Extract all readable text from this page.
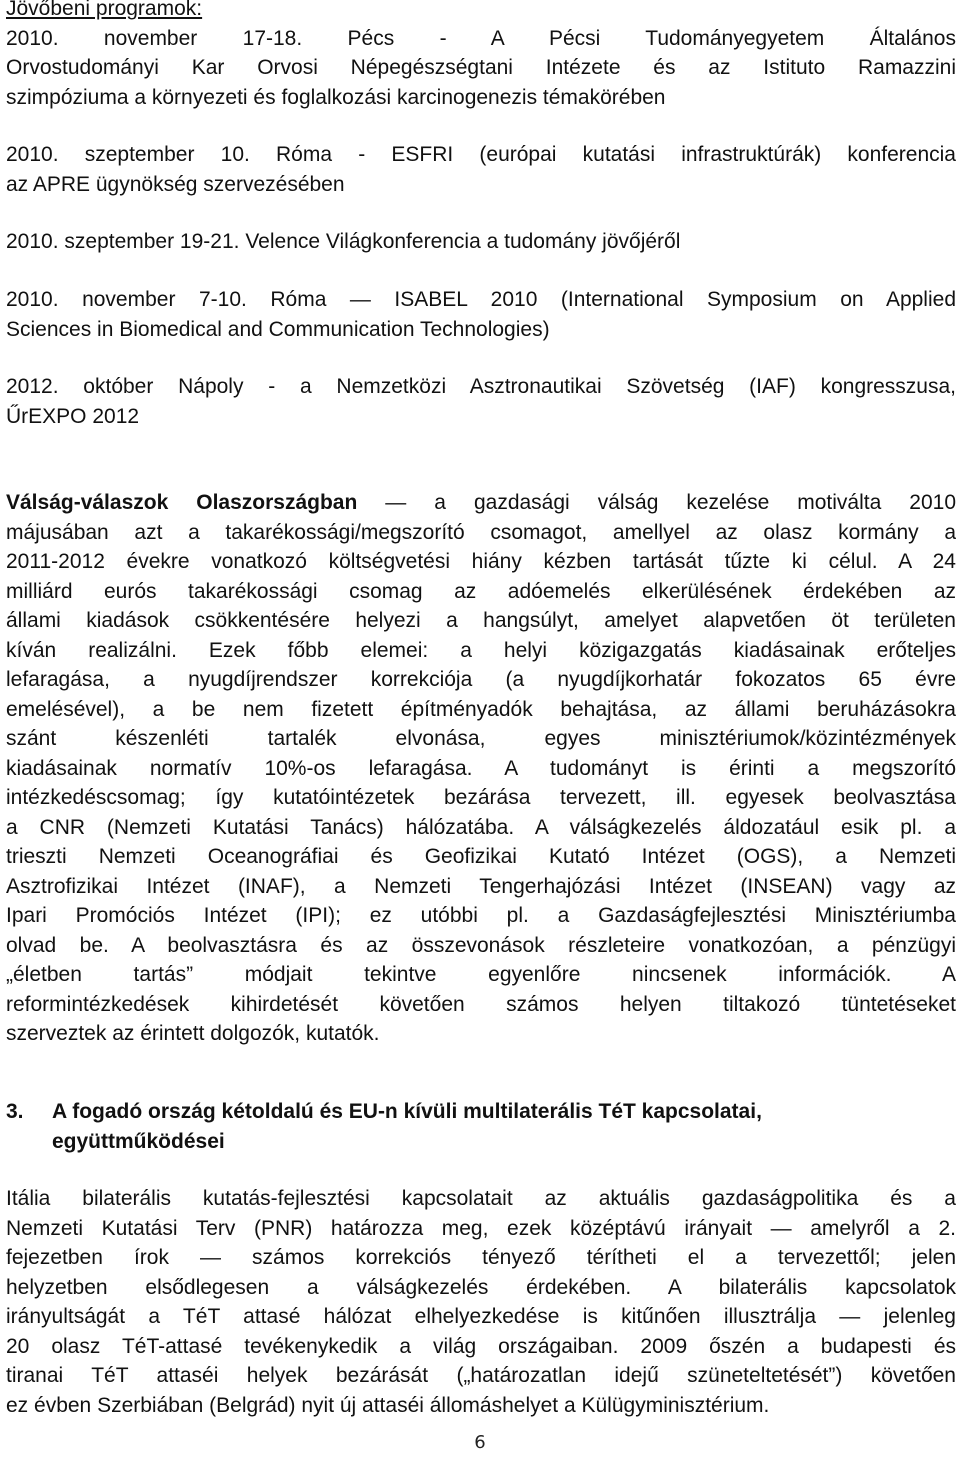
Jövőbeni programok:

2010. november 17-18. Pécs - A Pécsi Tudományegyetem Általános

Orvostudományi Kar Orvosi Népegészségtani Intézete és az Istituto Ramazzini

szimpóziuma a környezeti és foglalkozási karcinogenezis témakörében

2010. szeptember 10. Róma - ESFRI (európai kutatási infrastruktúrák) konferencia

az APRE ügynökség szervezésében

2010. szeptember 19-21. Velence Világkonferencia a tudomány jövőjéről

2010. november 7-10. Róma ― ISABEL 2010 (International Symposium on Applied

Sciences in Biomedical and Communication Technologies)

2012. október Nápoly - a Nemzetközi Asztronautikai Szövetség (IAF) kongresszusa,

ŰrEXPO 2012

Válság-válaszok Olaszországban ― a gazdasági válság kezelése motiválta 2010

májusában azt a takarékossági/megszorító csomagot, amellyel az olasz kormány a

2011-2012 évekre vonatkozó költségvetési hiány kézben tartását tűzte ki célul. A 24

milliárd eurós takarékossági csomag az adóemelés elkerülésének érdekében az

állami kiadások csökkentésére helyezi a hangsúlyt, amelyet alapvetően öt területen

kíván realizálni. Ezek főbb elemei: a helyi közigazgatás kiadásainak erőteljes

lefaragása, a nyugdíjrendszer korrekciója (a nyugdíjkorhatár fokozatos 65 évre

emelésével), a be nem fizetett építményadók behajtása, az állami beruházásokra

szánt készenléti tartalék elvonása, egyes minisztériumok/közintézmények

kiadásainak normatív 10%-os lefaragása. A tudományt is érinti a megszorító

intézkedéscsomag; így kutatóintézetek bezárása tervezett, ill. egyesek beolvasztása

a CNR (Nemzeti Kutatási Tanács) hálózatába. A válságkezelés áldozatául esik pl. a

trieszti Nemzeti Oceanográfiai és Geofizikai Kutató Intézet (OGS), a Nemzeti

Asztrofizikai Intézet (INAF), a Nemzeti Tengerhajózási Intézet (INSEAN) vagy az

Ipari Promóciós Intézet (IPI); ez utóbbi pl. a Gazdaságfejlesztési Minisztériumba

olvad be. A beolvasztásra és az összevonások részleteire vonatkozóan, a pénzügyi

„életben tartás” módjait tekintve egyenlőre nincsenek információk. A

reformintézkedések kihirdetését követően számos helyen tiltakozó tüntetéseket

szerveztek az érintett dolgozók, kutatók.

3.	A fogadó ország kétoldalú és EU-n kívüli multilaterális TéT kapcsolatai,
együttműködései

Itália bilaterális kutatás-fejlesztési kapcsolatait az aktuális gazdaságpolitika és a

Nemzeti Kutatási Terv (PNR) határozza meg, ezek középtávú irányait ― amelyről a 2.

fejezetben írok ― számos korrekciós tényező térítheti el a tervezettől; jelen

helyzetben elsődlegesen a válságkezelés érdekében. A bilaterális kapcsolatok

irányultságát a TéT attasé hálózat elhelyezkedése is kitűnően illusztrálja ― jelenleg

20 olasz TéT-attasé tevékenykedik a világ országaiban. 2009 őszén a budapesti és

tiranai TéT attaséi helyek bezárását („határozatlan idejű szüneteltetését”) követően

ez évben Szerbiában (Belgrád) nyit új attaséi állomáshelyet a Külügyminisztérium.

6
